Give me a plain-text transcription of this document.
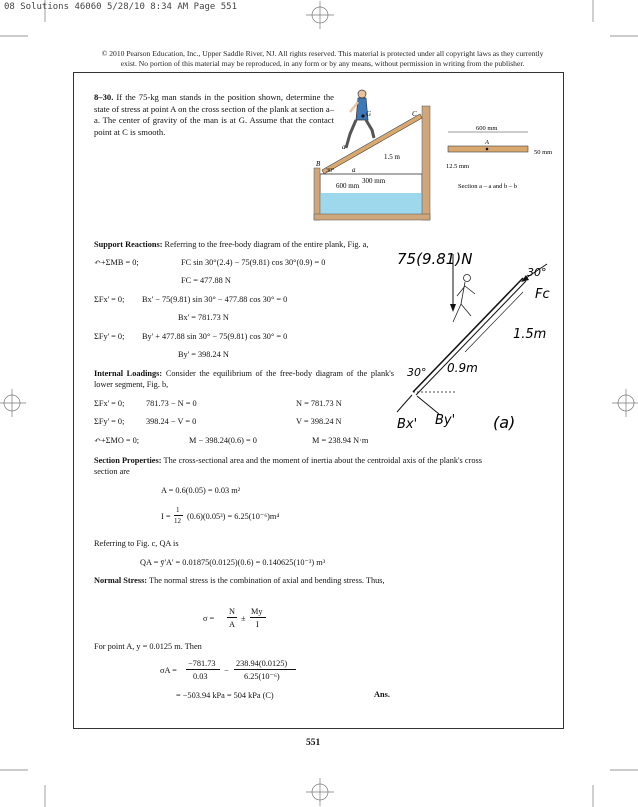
08 Solutions 46060 5/28/10 8:34 AM Page 551
© 2010 Pearson Education, Inc., Upper Saddle River, NJ. All rights reserved. This material is protected under all copyright laws as they currently
exist. No portion of this material may be reproduced, in any form or by any means, without permission in writing from the publisher.
8–30. If the 75-kg man stands in the position shown, determine the state of stress at point A on the cross section of the plank at section a–a. The center of gravity of the man is at G. Assume that the contact point at C is smooth.
G	C
a
a
B
30°
1.5 m
300 mm
600 mm
600 mm
A
50 mm
12.5 mm
Section a – a and b – b
Support Reactions: Referring to the free-body diagram of the entire plank, Fig. a,
↶+ΣMB = 0;	FC sin 30°(2.4) − 75(9.81) cos 30°(0.9) = 0
FC = 477.88 N
ΣFx' = 0; Bx' − 75(9.81) sin 30° − 477.88 cos 30° = 0
Bx' = 781.73 N
ΣFy' = 0; By' + 477.88 sin 30° − 75(9.81) cos 30° = 0
By' = 398.24 N
75(9.81)N
30°
Fc
30°
1.5m
0.9m
Bx' By' (a)
Internal Loadings: Consider the equilibrium of the free-body diagram of the plank's lower segment, Fig. b,
ΣFx' = 0;	781.73 − N = 0	N = 781.73 N
ΣFy' = 0;	398.24 − V = 0	V = 398.24 N
↶+ΣMO = 0;	M − 398.24(0.6) = 0	M = 238.94 N·m
Section Properties: The cross-sectional area and the moment of inertia about the centroidal axis of the plank's cross section are
A = 0.6(0.05) = 0.03 m²
I =
1
12 (0.6)(0.05³) = 6.25(10⁻⁶)m⁴
Referring to Fig. c, QA is
QA = ȳ'A' = 0.01875(0.0125)(0.6) = 0.140625(10⁻³) m³
Normal Stress: The normal stress is the combination of axial and bending stress. Thus,
σ =
N
A
±
My
I
For point A, y = 0.0125 m. Then
σA =
−781.73
0.03
−
238.94(0.0125)
6.25(10⁻⁶)
= −503.94 kPa = 504 kPa (C)	Ans.
551
